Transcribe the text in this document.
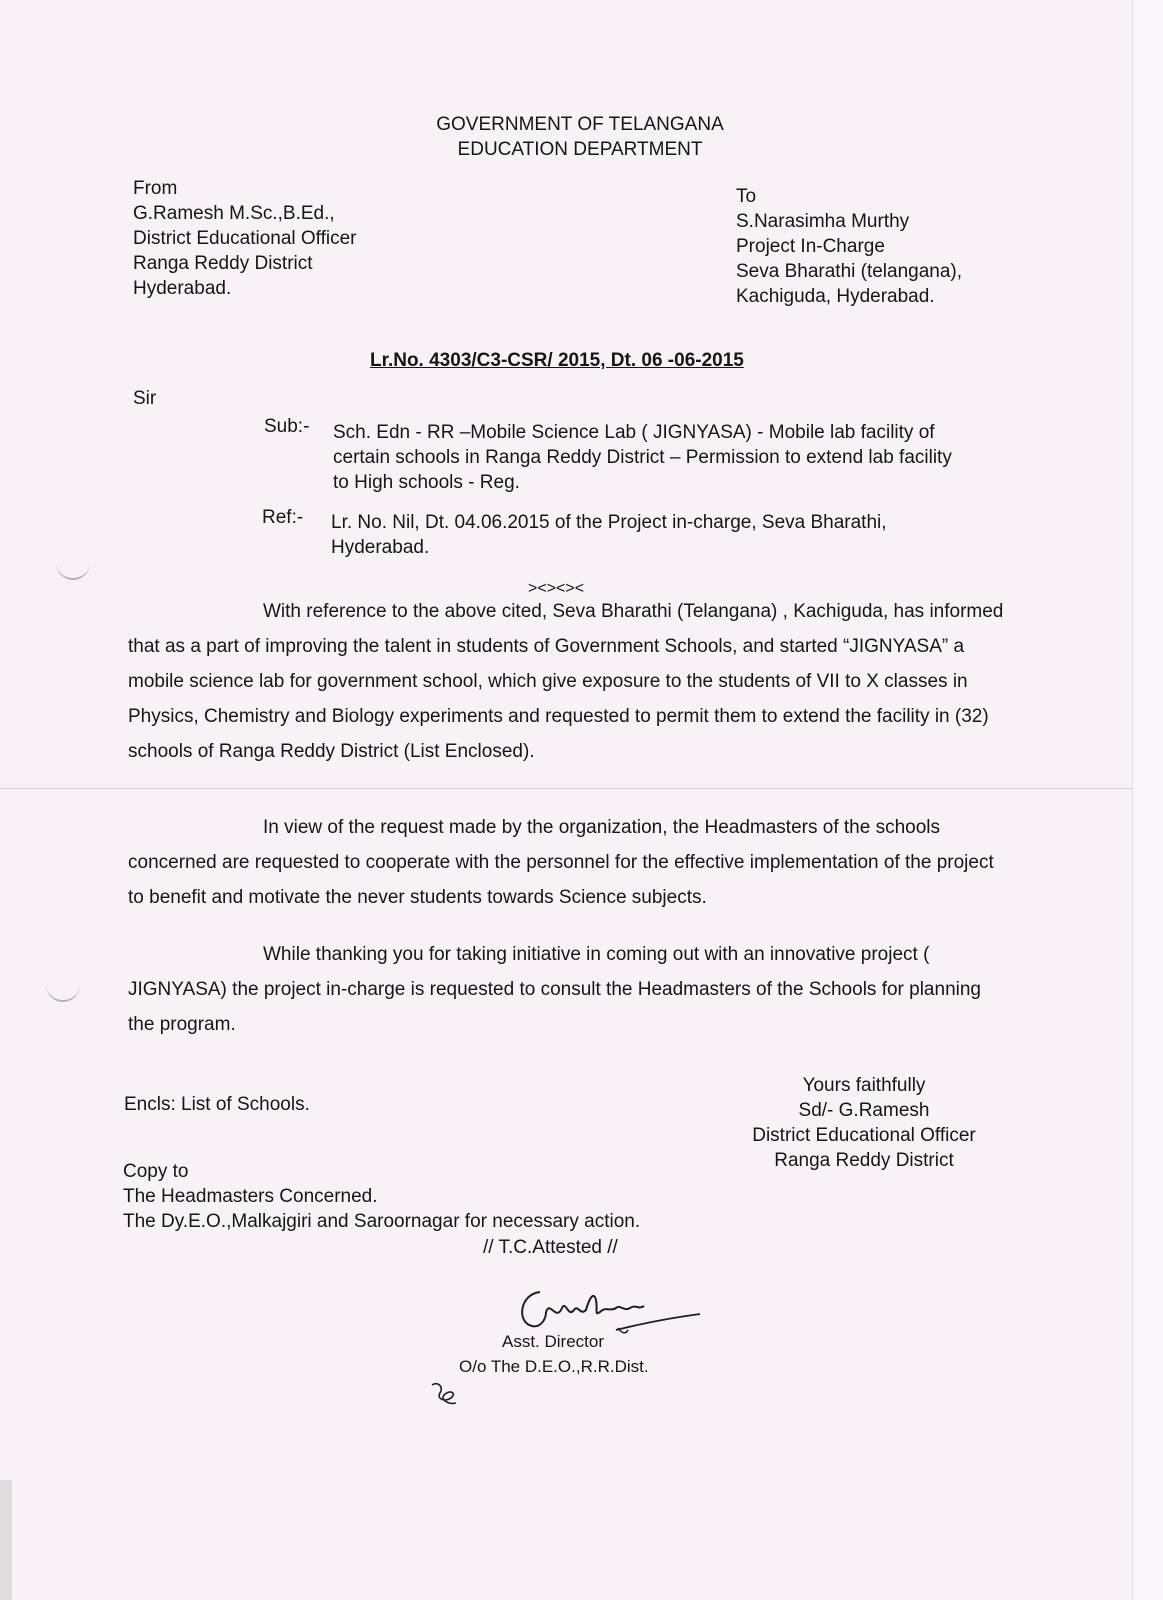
GOVERNMENT OF TELANGANA
EDUCATION DEPARTMENT
From
G.Ramesh M.Sc.,B.Ed.,
District Educational Officer
Ranga Reddy District
Hyderabad.
To
S.Narasimha Murthy
Project In-Charge
Seva Bharathi (telangana),
Kachiguda, Hyderabad.
Lr.No. 4303/C3-CSR/ 2015, Dt. 06 -06-2015
Sir
Sub:- Sch. Edn - RR –Mobile Science Lab ( JIGNYASA) - Mobile lab facility of
certain schools in Ranga Reddy District – Permission to extend lab facility
to High schools - Reg.
Ref:- Lr. No. Nil, Dt. 04.06.2015 of the Project in-charge, Seva Bharathi,
Hyderabad.
><><><
With reference to the above cited, Seva Bharathi (Telangana) , Kachiguda, has informed that as a part of improving the talent in students of Government Schools, and started “JIGNYASA” a mobile science lab for government school, which give exposure to the students of VII to X classes in Physics, Chemistry and Biology experiments and requested to permit them to extend the facility in (32) schools of Ranga Reddy District (List Enclosed).
In view of the request made by the organization, the Headmasters of the schools concerned are requested to cooperate with the personnel for the effective implementation of the project to benefit and motivate the never students towards Science subjects.
While thanking you for taking initiative in coming out with an innovative project ( JIGNYASA) the project in-charge is requested to consult the Headmasters of the Schools for planning the program.
Encls: List of Schools.
Yours faithfully
Sd/- G.Ramesh
District Educational Officer
Ranga Reddy District
Copy to
The Headmasters Concerned.
The Dy.E.O.,Malkajgiri and Saroornagar for necessary action.
// T.C.Attested //
Asst. Director
O/o The D.E.O.,R.R.Dist.
